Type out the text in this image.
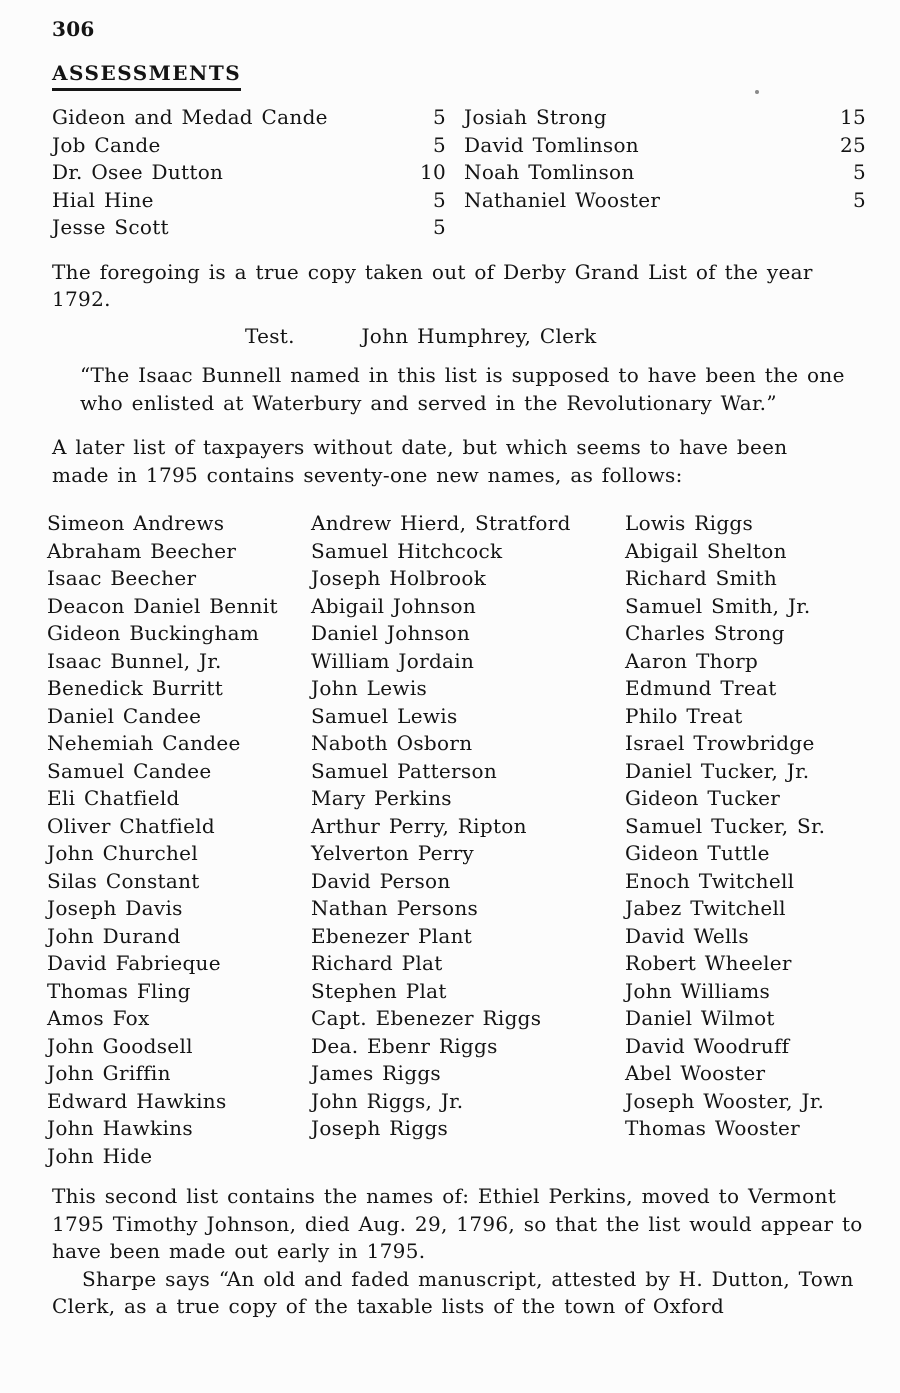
306
ASSESSMENTS
Gideon and Medad Cande	5
Job Cande	5
Dr. Osee Dutton	10
Hial Hine	5
Jesse Scott	5
Josiah Strong	15
David Tomlinson	25
Noah Tomlinson	5
Nathaniel Wooster	5

The foregoing is a true copy taken out of Derby Grand List of the year 1792.

Test.	John Humphrey, Clerk

“The Isaac Bunnell named in this list is supposed to have been the one who enlisted at Waterbury and served in the Revolutionary War.”

A later list of taxpayers without date, but which seems to have been made in 1795 contains seventy-one new names, as follows:

Simeon Andrews
Abraham Beecher
Isaac Beecher
Deacon Daniel Bennit
Gideon Buckingham
Isaac Bunnel, Jr.
Benedick Burritt
Daniel Candee
Nehemiah Candee
Samuel Candee
Eli Chatfield
Oliver Chatfield
John Churchel
Silas Constant
Joseph Davis
John Durand
David Fabrieque
Thomas Fling
Amos Fox
John Goodsell
John Griffin
Edward Hawkins
John Hawkins
John Hide
Andrew Hierd, Stratford
Samuel Hitchcock
Joseph Holbrook
Abigail Johnson
Daniel Johnson
William Jordain
John Lewis
Samuel Lewis
Naboth Osborn
Samuel Patterson
Mary Perkins
Arthur Perry, Ripton
Yelverton Perry
David Person
Nathan Persons
Ebenezer Plant
Richard Plat
Stephen Plat
Capt. Ebenezer Riggs
Dea. Ebenr Riggs
James Riggs
John Riggs, Jr.
Joseph Riggs
Lowis Riggs
Abigail Shelton
Richard Smith
Samuel Smith, Jr.
Charles Strong
Aaron Thorp
Edmund Treat
Philo Treat
Israel Trowbridge
Daniel Tucker, Jr.
Gideon Tucker
Samuel Tucker, Sr.
Gideon Tuttle
Enoch Twitchell
Jabez Twitchell
David Wells
Robert Wheeler
John Williams
Daniel Wilmot
David Woodruff
Abel Wooster
Joseph Wooster, Jr.
Thomas Wooster

This second list contains the names of: Ethiel Perkins, moved to Vermont 1795 Timothy Johnson, died Aug. 29, 1796, so that the list would appear to have been made out early in 1795.

Sharpe says “An old and faded manuscript, attested by H. Dutton, Town Clerk, as a true copy of the taxable lists of the town of Oxford
